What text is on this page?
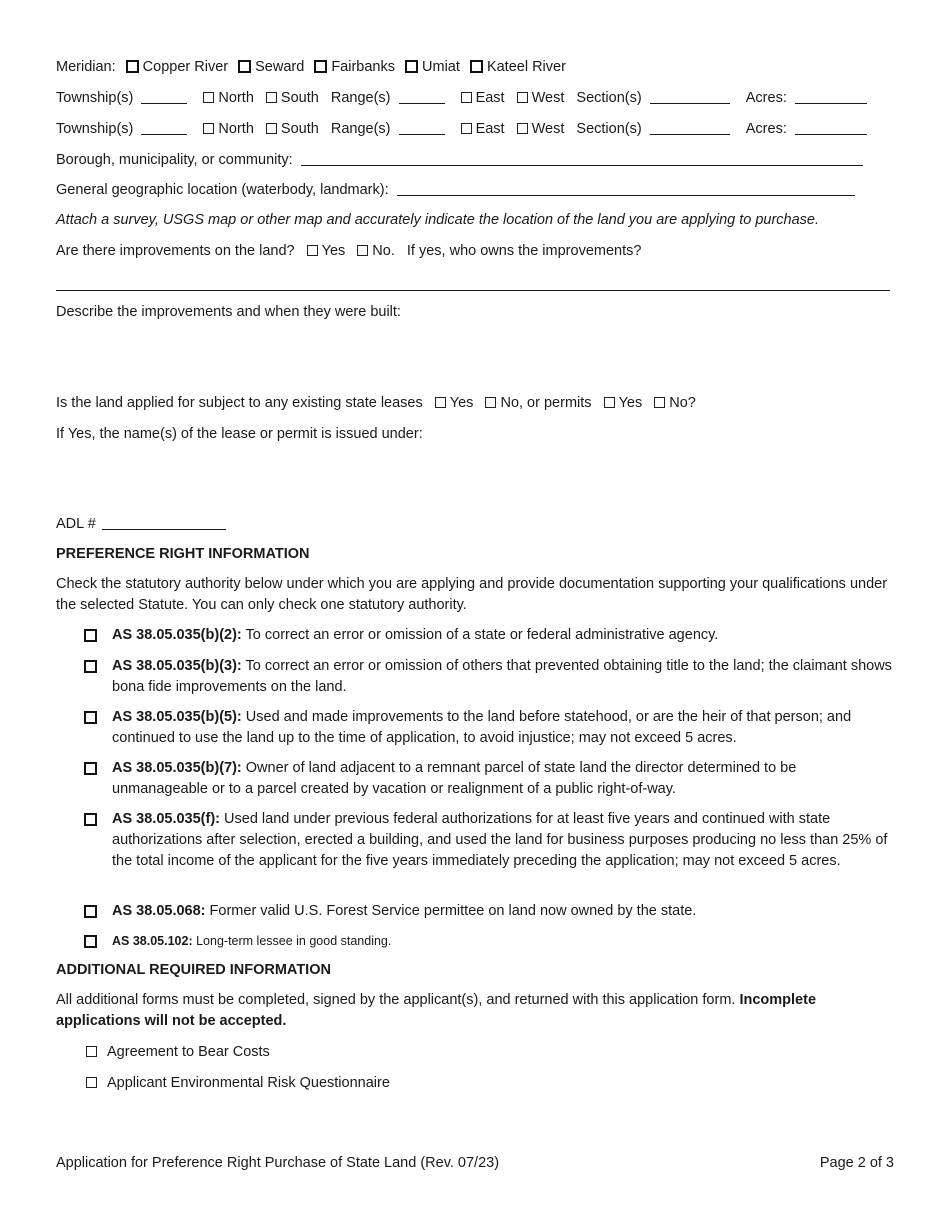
Meridian: Copper River Seward Fairbanks Umiat Kateel River
Township(s)	North South Range(s)	East West Section(s)	Acres:
Township(s)	North South Range(s)	East West Section(s)	Acres:
Borough, municipality, or community:
General geographic location (waterbody, landmark):
Attach a survey, USGS map or other map and accurately indicate the location of the land you are applying to purchase.
Are there improvements on the land? Yes No. If yes, who owns the improvements?
Describe the improvements and when they were built:
Is the land applied for subject to any existing state leases Yes No, or permits Yes No?
If Yes, the name(s) of the lease or permit is issued under:
ADL #
PREFERENCE RIGHT INFORMATION
Check the statutory authority below under which you are applying and provide documentation supporting your qualifications under the selected Statute. You can only check one statutory authority.
AS 38.05.035(b)(2): To correct an error or omission of a state or federal administrative agency.
AS 38.05.035(b)(3): To correct an error or omission of others that prevented obtaining title to the land; the claimant shows bona fide improvements on the land.
AS 38.05.035(b)(5): Used and made improvements to the land before statehood, or are the heir of that person; and continued to use the land up to the time of application, to avoid injustice; may not exceed 5 acres.
AS 38.05.035(b)(7): Owner of land adjacent to a remnant parcel of state land the director determined to be unmanageable or to a parcel created by vacation or realignment of a public right-of-way.
AS 38.05.035(f): Used land under previous federal authorizations for at least five years and continued with state authorizations after selection, erected a building, and used the land for business purposes producing no less than 25% of the total income of the applicant for the five years immediately preceding the application; may not exceed 5 acres.
AS 38.05.068: Former valid U.S. Forest Service permittee on land now owned by the state.
AS 38.05.102: Long-term lessee in good standing.
ADDITIONAL REQUIRED INFORMATION
All additional forms must be completed, signed by the applicant(s), and returned with this application form. Incomplete applications will not be accepted.
Agreement to Bear Costs
Applicant Environmental Risk Questionnaire
Application for Preference Right Purchase of State Land (Rev. 07/23)	Page 2 of 3
